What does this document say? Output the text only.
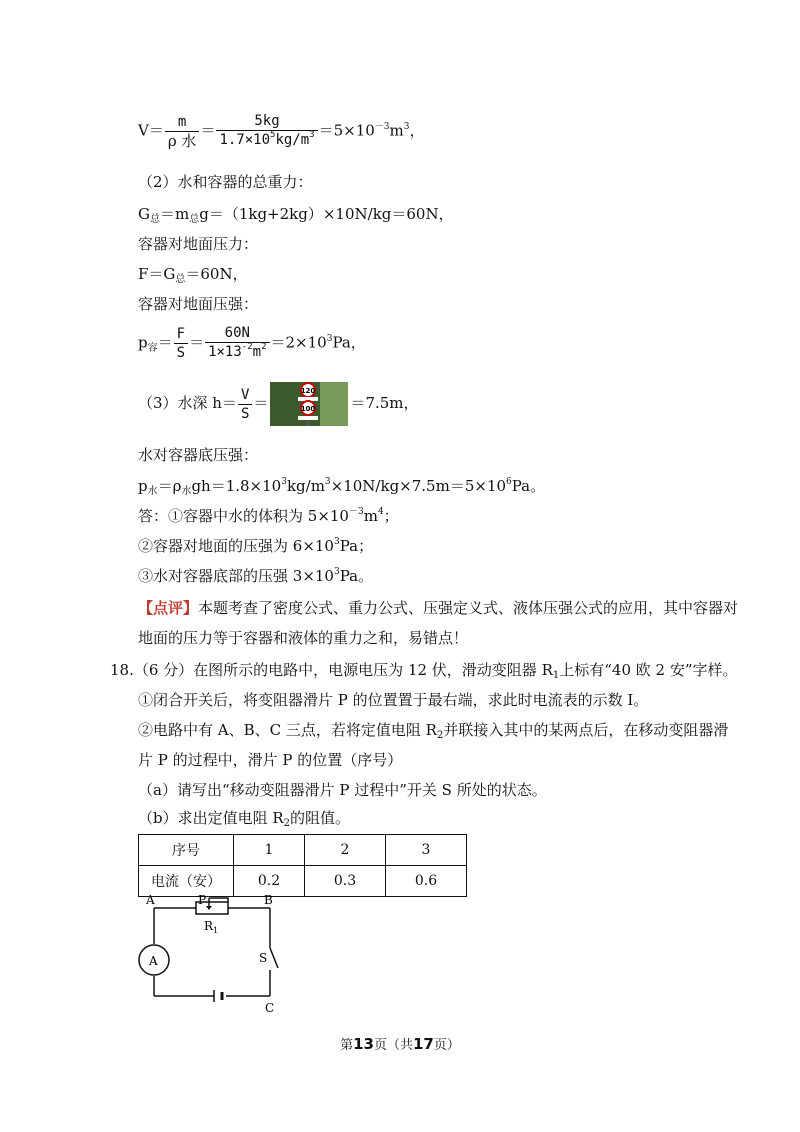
$V= \frac{m}{\text{ρ 水}} = \frac{5kg}{1.7\times 10^5kg/m^3} =5\times 10^{-3}m^3$，
（2）水和容器的总重力：
$G_总=m_总g=(1kg+2kg)\times 10N/kg=60N$，
容器对地面压力：
$F=G_总=60N$，
容器对地面压强：
$p_容= \frac{F}{S} = \frac{60N}{1\times 13^{-2}m^2} =2\times 10^3Pa$，
（3）水深 $h= \frac{V}{S}$ ＝
120
100 ＝7.5m，
水对容器底压强：
$p_水=\rho_水gh=1.8\times 10^3kg/m^3\times 10N/kg\times 7.5m=5\times 10^6Pa$。
答：①容器中水的体积为 $5\times 10^{-3}m^4$；
②容器对地面的压强为 $6\times 10^3Pa$；
③水对容器底部的压强 $3\times 10^3Pa$。
【点评】本题考查了密度公式、重力公式、压强定义式、液体压强公式的应用，其中容器对
地面的压力等于容器和液体的重力之和，易错点！
18.（6 分）在图所示的电路中，电源电压为 12 伏，滑动变阻器 $R_1$上标有“40 欧 2 安”字样。
①闭合开关后，将变阻器滑片 P 的位置置于最右端，求此时电流表的示数 I。
②电路中有 A、B、C 三点，若将定值电阻 $R_2$并联接入其中的某两点后，在移动变阻器滑
片 P 的过程中，滑片 P 的位置（序号）
（a）请写出“移动变阻器滑片 P 过程中”开关 S 所处的状态。
（b）求出定值电阻 $R_2$的阻值。
序号	1	2	3
电流（安）	0.2	0.3	0.6
A	B
C
P
R 1
S
A
第13页（共17页）
